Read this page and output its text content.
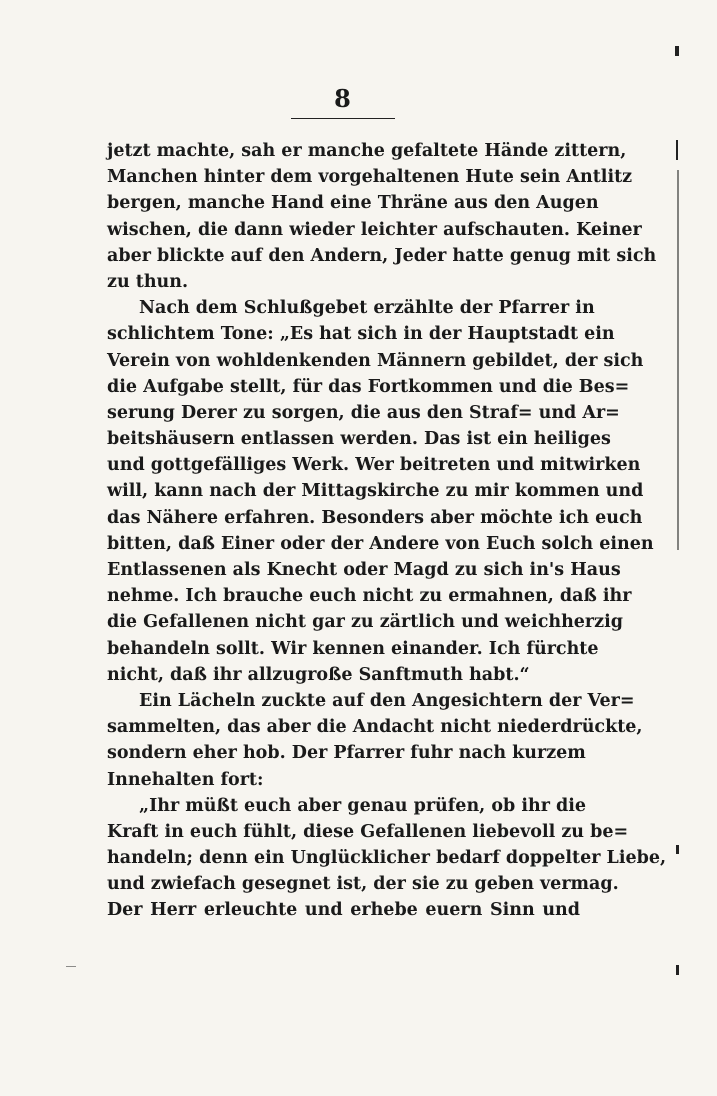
8
jetzt machte, sah er manche gefaltete Hände zittern,
Manchen hinter dem vorgehaltenen Hute sein Antlitz
bergen, manche Hand eine Thräne aus den Augen
wischen, die dann wieder leichter aufschauten. Keiner
aber blickte auf den Andern, Jeder hatte genug mit sich
zu thun.
Nach dem Schlußgebet erzählte der Pfarrer in
schlichtem Tone: „Es hat sich in der Hauptstadt ein
Verein von wohldenkenden Männern gebildet, der sich
die Aufgabe stellt, für das Fortkommen und die Bes=
serung Derer zu sorgen, die aus den Straf= und Ar=
beitshäusern entlassen werden. Das ist ein heiliges
und gottgefälliges Werk. Wer beitreten und mitwirken
will, kann nach der Mittagskirche zu mir kommen und
das Nähere erfahren. Besonders aber möchte ich euch
bitten, daß Einer oder der Andere von Euch solch einen
Entlassenen als Knecht oder Magd zu sich in's Haus
nehme. Ich brauche euch nicht zu ermahnen, daß ihr
die Gefallenen nicht gar zu zärtlich und weichherzig
behandeln sollt. Wir kennen einander. Ich fürchte
nicht, daß ihr allzugroße Sanftmuth habt.“
Ein Lächeln zuckte auf den Angesichtern der Ver=
sammelten, das aber die Andacht nicht niederdrückte,
sondern eher hob. Der Pfarrer fuhr nach kurzem
Innehalten fort:
„Ihr müßt euch aber genau prüfen, ob ihr die
Kraft in euch fühlt, diese Gefallenen liebevoll zu be=
handeln; denn ein Unglücklicher bedarf doppelter Liebe,
und zwiefach gesegnet ist, der sie zu geben vermag.
Der Herr erleuchte und erhebe euern Sinn und
